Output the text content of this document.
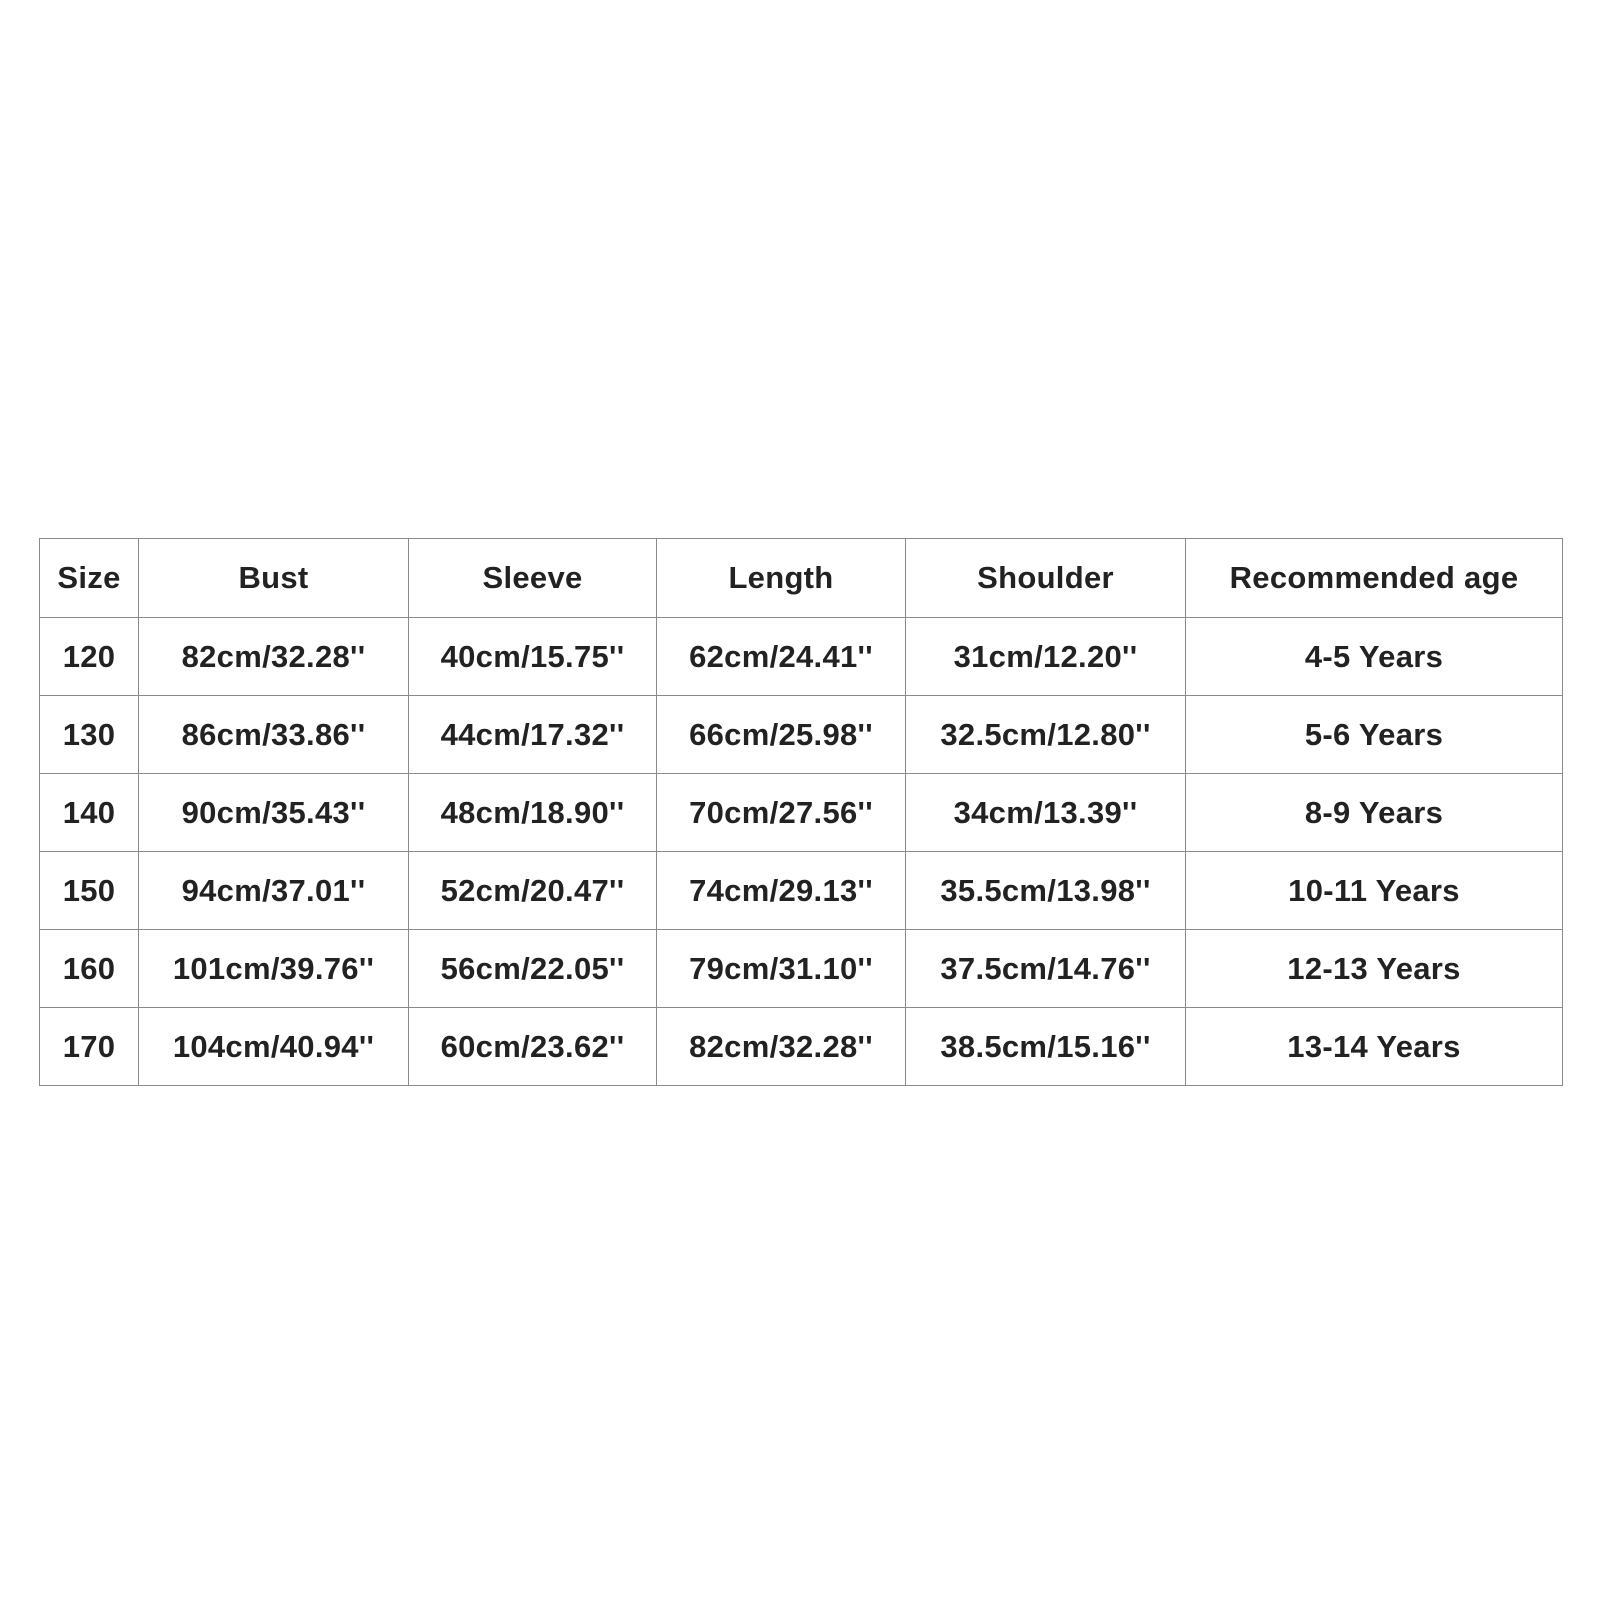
Size	Bust	Sleeve	Length	Shoulder	Recommended age
120	82cm/32.28''	40cm/15.75''	62cm/24.41''	31cm/12.20''	4-5 Years
130	86cm/33.86''	44cm/17.32''	66cm/25.98''	32.5cm/12.80''	5-6 Years
140	90cm/35.43''	48cm/18.90''	70cm/27.56''	34cm/13.39''	8-9 Years
150	94cm/37.01''	52cm/20.47''	74cm/29.13''	35.5cm/13.98''	10-11 Years
160	101cm/39.76''	56cm/22.05''	79cm/31.10''	37.5cm/14.76''	12-13 Years
170	104cm/40.94''	60cm/23.62''	82cm/32.28''	38.5cm/15.16''	13-14 Years
